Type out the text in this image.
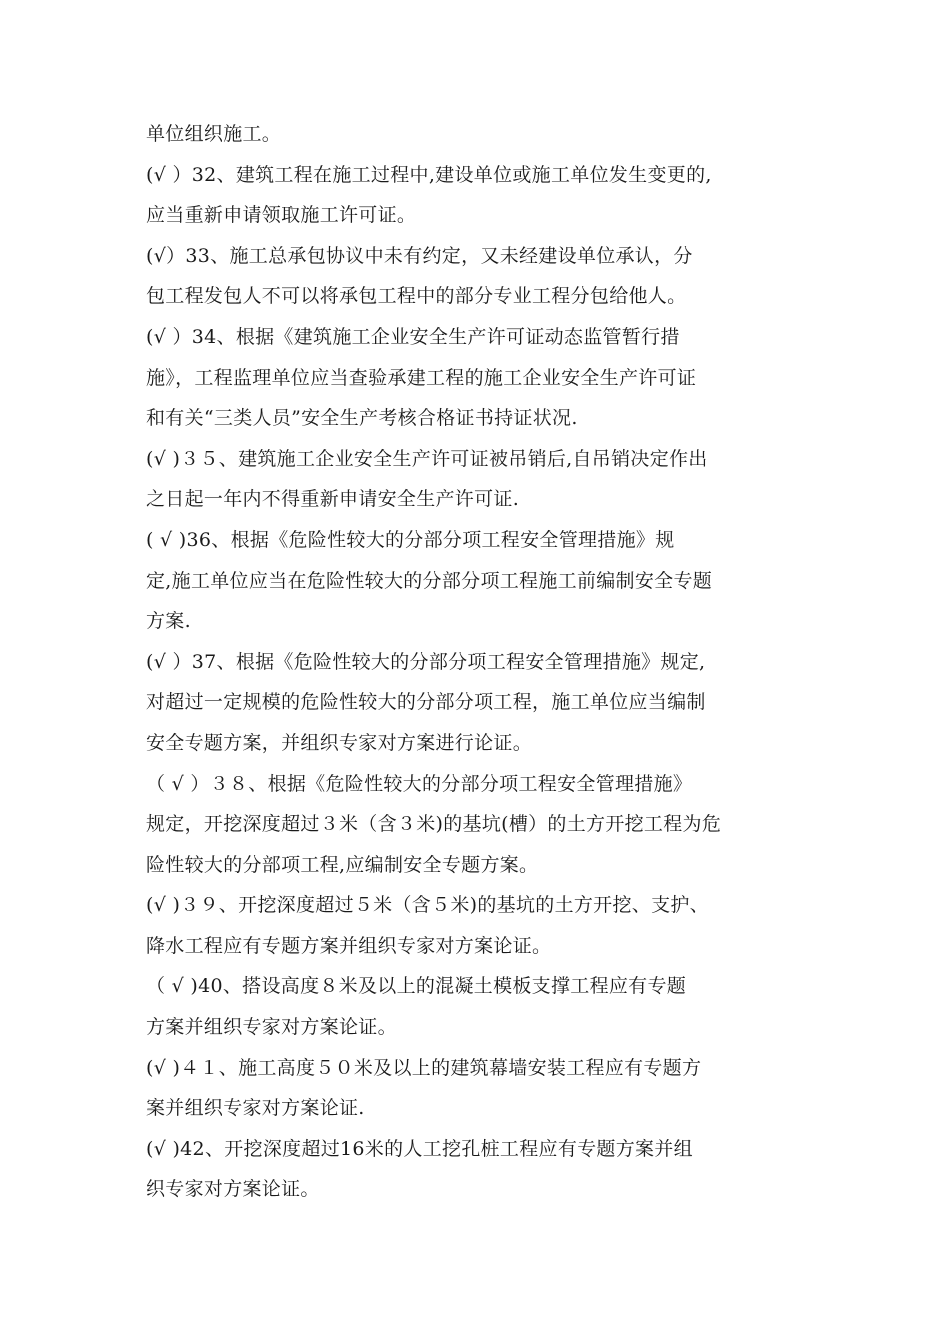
单位组织施工。
(√ ）32、建筑工程在施工过程中,建设单位或施工单位发生变更的,
应当重新申请领取施工许可证。
(√）33、施工总承包协议中未有约定，又未经建设单位承认，分
包工程发包人不可以将承包工程中的部分专业工程分包给他人。
(√ ）34、根据《建筑施工企业安全生产许可证动态监管暂行措
施》，工程监理单位应当查验承建工程的施工企业安全生产许可证
和有关“三类人员”安全生产考核合格证书持证状况.
(√ )３５、建筑施工企业安全生产许可证被吊销后,自吊销决定作出
之日起一年内不得重新申请安全生产许可证.
( √ )36、根据《危险性较大的分部分项工程安全管理措施》规
定,施工单位应当在危险性较大的分部分项工程施工前编制安全专题
方案.
(√ ）37、根据《危险性较大的分部分项工程安全管理措施》规定,
对超过一定规模的危险性较大的分部分项工程，施工单位应当编制
安全专题方案，并组织专家对方案进行论证。
（ √ ）３８、根据《危险性较大的分部分项工程安全管理措施》
规定，开挖深度超过３米（含３米)的基坑(槽）的土方开挖工程为危
险性较大的分部项工程,应编制安全专题方案。
(√ )３９、开挖深度超过５米（含５米)的基坑的土方开挖、支护、
降水工程应有专题方案并组织专家对方案论证。
（ √ )40、搭设高度８米及以上的混凝土模板支撑工程应有专题
方案并组织专家对方案论证。
(√ )４１、施工高度５０米及以上的建筑幕墙安装工程应有专题方
案并组织专家对方案论证.
(√ )42、开挖深度超过16米的人工挖孔桩工程应有专题方案并组
织专家对方案论证。
